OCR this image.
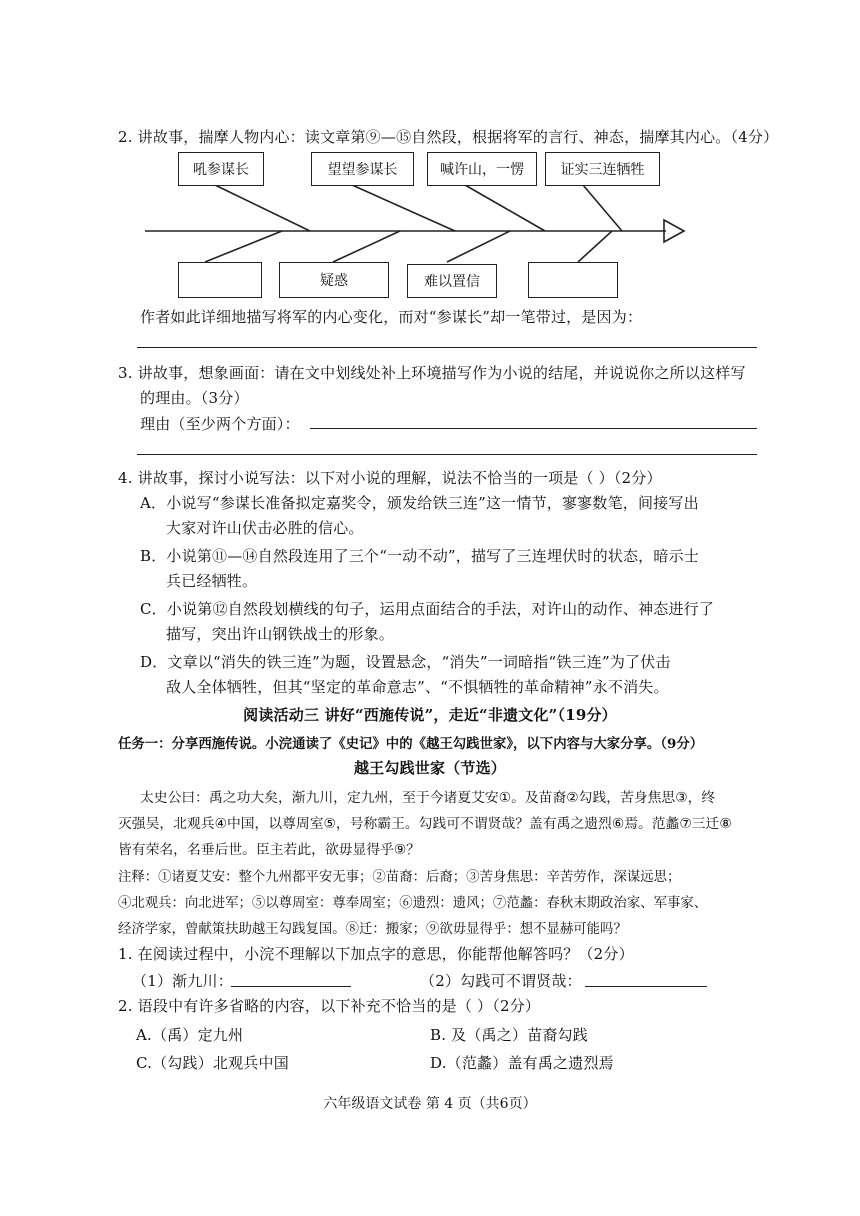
2. 讲故事，揣摩人物内心：读文章第⑨—⑮自然段，根据将军的言行、神态，揣摩其内心。（4分）
吼参谋长	望望参谋长	喊许山，一愣	证实三连牺牲
疑惑	难以置信
作者如此详细地描写将军的内心变化，而对“参谋长”却一笔带过，是因为：
3. 讲故事，想象画面：请在文中划线处补上环境描写作为小说的结尾，并说说你之所以这样写
的理由。（3分）
理由（至少两个方面）：
4. 讲故事，探讨小说写法：以下对小说的理解，说法不恰当的一项是（ ）（2分）
A．小说写“参谋长准备拟定嘉奖令，颁发给铁三连”这一情节，寥寥数笔，间接写出
大家对许山伏击必胜的信心。
B．小说第⑪—⑭自然段连用了三个“一动不动”，描写了三连埋伏时的状态，暗示士
兵已经牺牲。
C．小说第⑫自然段划横线的句子，运用点面结合的手法，对许山的动作、神态进行了
描写，突出许山钢铁战士的形象。
D．文章以“消失的铁三连”为题，设置悬念，“消失”一词暗指“铁三连”为了伏击
敌人全体牺牲，但其“坚定的革命意志”、“不惧牺牲的革命精神”永不消失。
阅读活动三 讲好“西施传说”，走近“非遗文化”（19分）
任务一：分享西施传说。小浣通读了《史记》中的《越王勾践世家》，以下内容与大家分享。（9分）
越王勾践世家（节选）
太史公曰：禹之功大矣，渐九川，定九州，至于今诸夏艾安①。及苗裔②勾践，苦身焦思③，终
灭强吴，北观兵④中国，以尊周室⑤，号称霸王。勾践可不谓贤哉？盖有禹之遗烈⑥焉。范蠡⑦三迁⑧
皆有荣名，名垂后世。臣主若此，欲毋显得乎⑨？
注释：①诸夏艾安：整个九州都平安无事；②苗裔：后裔；③苦身焦思：辛苦劳作，深谋远思；
④北观兵：向北进军；⑤以尊周室：尊奉周室；⑥遗烈：遗风；⑦范蠡：春秋末期政治家、军事家、
经济学家，曾献策扶助越王勾践复国。⑧迁：搬家；⑨欲毋显得乎：想不显赫可能吗？
1. 在阅读过程中，小浣不理解以下加点字的意思，你能帮他解答吗？（2分）
（1）渐九川：	（2）勾践可不谓贤哉：
2. 语段中有许多省略的内容，以下补充不恰当的是（ ）（2分）
A.（禹）定九州	B. 及（禹之）苗裔勾践
C.（勾践）北观兵中国	D.（范蠡）盖有禹之遗烈焉
六年级语文试卷 第 4 页（共6页）
